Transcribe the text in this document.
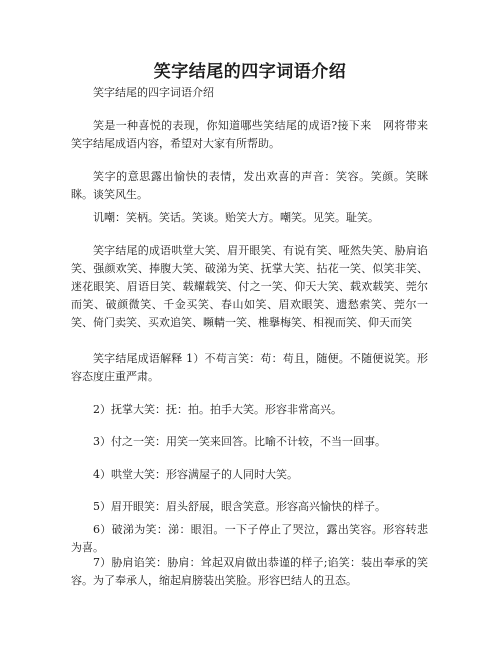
笑字结尾的四字词语介绍

笑字结尾的四字词语介绍

笑是一种喜悦的表现，你知道哪些笑结尾的成语?接下来　网将带来笑字结尾成语内容，希望对大家有所帮助。

笑字的意思露出愉快的表情，发出欢喜的声音：笑容。笑颜。笑眯眯。谈笑风生。

讥嘲：笑柄。笑话。笑谈。贻笑大方。嘲笑。见笑。耻笑。

笑字结尾的成语哄堂大笑、眉开眼笑、有说有笑、哑然失笑、胁肩谄笑、强颜欢笑、捧腹大笑、破涕为笑、抚掌大笑、拈花一笑、似笑非笑、迷花眼笑、眉语目笑、载耀载笑、付之一笑、仰天大笑、载欢载笑、莞尔而笑、破颜微笑、千金买笑、春山如笑、眉欢眼笑、遗愁索笑、莞尔一笑、倚门卖笑、买欢追笑、嚬輤一笑、椎擧梅笑、相视而笑、仰天而笑

笑字结尾成语解释 1）不苟言笑：苟：苟且，随便。不随便说笑。形容态度庄重严肃。

2）抚掌大笑：抚：拍。拍手大笑。形容非常高兴。

3）付之一笑：用笑一笑来回答。比喻不计较，不当一回事。

4）哄堂大笑：形容满屋子的人同时大笑。

5）眉开眼笑：眉头舒展，眼含笑意。形容高兴愉快的样子。

6）破涕为笑：涕：眼泪。一下子停止了哭泣，露出笑容。形容转悲为喜。

7）胁肩谄笑：胁肩：耸起双肩做出恭谨的样子;谄笑：装出奉承的笑容。为了奉承人，缩起肩膀装出笑脸。形容巴结人的丑态。
